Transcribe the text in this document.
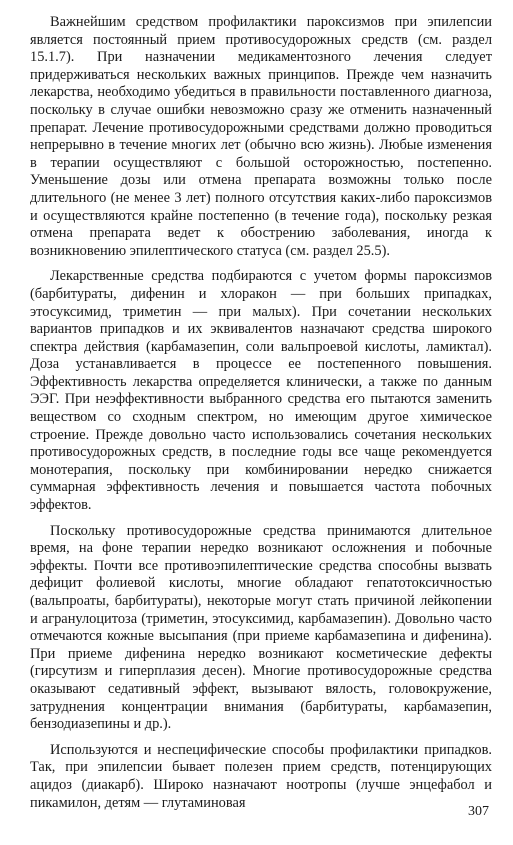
Важнейшим средством профилактики пароксизмов при эпилепсии является постоянный прием противосудорожных средств (см. раздел 15.1.7). При назначении медикаментозного лечения следует придерживаться нескольких важных принципов. Прежде чем назначить лекарства, необходимо убедиться в правильности поставленного диагноза, поскольку в случае ошибки невозможно сразу же отменить назначенный препарат. Лечение противосудорожными средствами должно проводиться непрерывно в течение многих лет (обычно всю жизнь). Любые изменения в терапии осуществляют с большой осторожностью, постепенно. Уменьшение дозы или отмена препарата возможны только после длительного (не менее 3 лет) полного отсутствия каких-либо пароксизмов и осуществляются крайне постепенно (в течение года), поскольку резкая отмена препарата ведет к обострению заболевания, иногда к возникновению эпилептического статуса (см. раздел 25.5).

Лекарственные средства подбираются с учетом формы пароксизмов (барбитураты, дифенин и хлоракон — при больших припадках, этосуксимид, триметин — при малых). При сочетании нескольких вариантов припадков и их эквивалентов назначают средства широкого спектра действия (карбамазепин, соли вальпроевой кислоты, ламиктал). Доза устанавливается в процессе ее постепенного повышения. Эффективность лекарства определяется клинически, а также по данным ЭЭГ. При неэффективности выбранного средства его пытаются заменить веществом со сходным спектром, но имеющим другое химическое строение. Прежде довольно часто использовались сочетания нескольких противосудорожных средств, в последние годы все чаще рекомендуется монотерапия, поскольку при комбинировании нередко снижается суммарная эффективность лечения и повышается частота побочных эффектов.

Поскольку противосудорожные средства принимаются длительное время, на фоне терапии нередко возникают осложнения и побочные эффекты. Почти все противоэпилептические средства способны вызвать дефицит фолиевой кислоты, многие обладают гепатотоксичностью (вальпроаты, барбитураты), некоторые могут стать причиной лейкопении и агранулоцитоза (триметин, этосуксимид, карбамазепин). Довольно часто отмечаются кожные высыпания (при приеме карбамазепина и дифенина). При приеме дифенина нередко возникают косметические дефекты (гирсутизм и гиперплазия десен). Многие противосудорожные средства оказывают седативный эффект, вызывают вялость, головокружение, затруднения концентрации внимания (барбитураты, карбамазепин, бензодиазепины и др.).

Используются и неспецифические способы профилактики припадков. Так, при эпилепсии бывает полезен прием средств, потенцирующих ацидоз (диакарб). Широко назначают ноотропы (лучше энцефабол и пикамилон, детям — глутаминовая

307
